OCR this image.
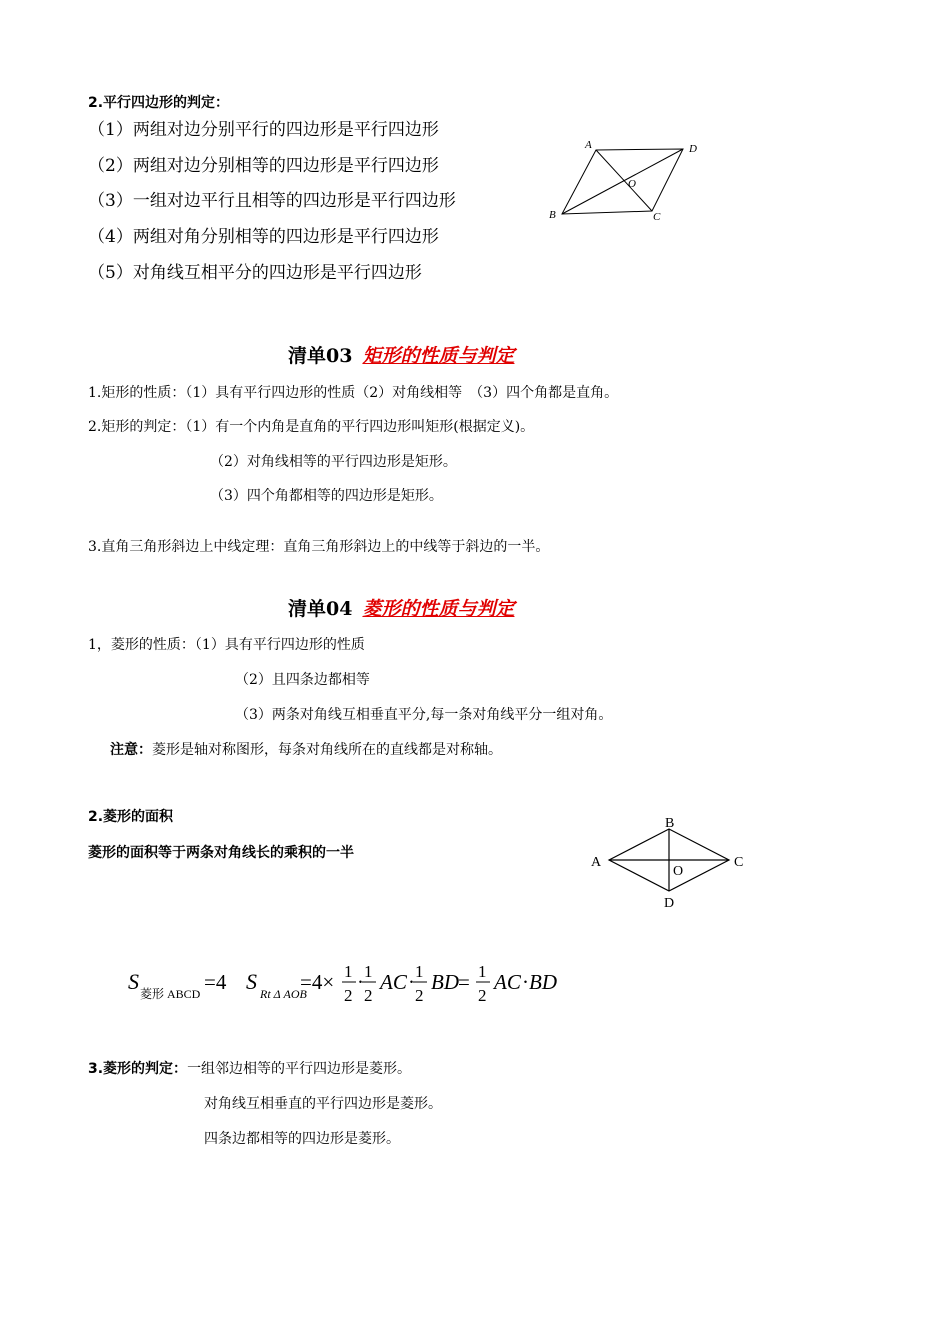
2.平行四边形的判定：
（1）两组对边分别平行的四边形是平行四边形
（2）两组对边分别相等的四边形是平行四边形
（3）一组对边平行且相等的四边形是平行四边形
（4）两组对角分别相等的四边形是平行四边形
（5）对角线互相平分的四边形是平行四边形
A	D
B	C
O
清单03 矩形的性质与判定
1.矩形的性质：（1）具有平行四边形的性质（2）对角线相等　（3）四个角都是直角。
2.矩形的判定：（1）有一个内角是直角的平行四边形叫矩形(根据定义)。
（2）对角线相等的平行四边形是矩形。
（3）四个角都相等的四边形是矩形。
3.直角三角形斜边上中线定理：直角三角形斜边上的中线等于斜边的一半。
清单04 菱形的性质与判定
1，菱形的性质：（1）具有平行四边形的性质
（2）且四条边都相等
（3）两条对角线互相垂直平分,每一条对角线平分一组对角。
注意：菱形是轴对称图形，每条对角线所在的直线都是对称轴。
2.菱形的面积
菱形的面积等于两条对角线长的乘积的一半
B
A	C
D
O
S 菱形 ABCD =4 S Rt Δ AOB
=4× 1
2
· 1
2
AC · 1
2
BD = 1
2
AC · BD
3.菱形的判定：一组邻边相等的平行四边形是菱形。
对角线互相垂直的平行四边形是菱形。
四条边都相等的四边形是菱形。
